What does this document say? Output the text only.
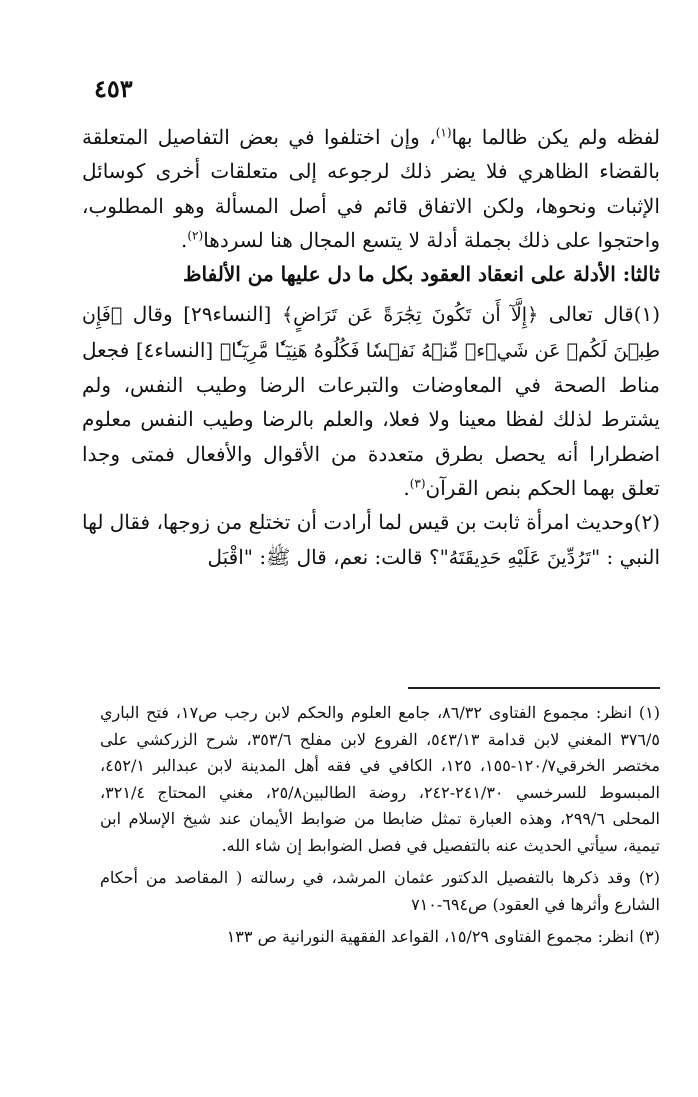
٤٥٣

لفظه ولم يكن ظالما بها$^{(١)}$، وإن اختلفوا في بعض التفاصيل المتعلقة بالقضاء الظاهري فلا يضر ذلك لرجوعه إلى متعلقات أخرى كوسائل الإثبات ونحوها، ولكن الاتفاق قائم في أصل المسألة وهو المطلوب، واحتجوا على ذلك بجملة أدلة لا يتسع المجال هنا لسردها$^{(٢)}$.

ثالثا: الأدلة على انعقاد العقود بكل ما دل عليها من الألفاظ

(١)قال تعالى ﴿إِلَّآ أَن تَكُونَ تِجَٰرَةً عَن تَرَاضٍ﴾ [النساء٢٩] وقال ﴿فَإِن طِبۡنَ لَكُمۡ عَن شَيۡءٖ مِّنۡهُ نَفۡسٗا فَكُلُوهُ هَنِيٓـٔٗا مَّرِيٓـٔٗا﴾ [النساء٤] فجعل مناط الصحة في المعاوضات والتبرعات الرضا وطيب النفس، ولم يشترط لذلك لفظا معينا ولا فعلا، والعلم بالرضا وطيب النفس معلوم اضطرارا أنه يحصل بطرق متعددة من الأقوال والأفعال فمتى وجدا تعلق بهما الحكم بنص القرآن$^{(٣)}$.

(٢)وحديث امرأة ثابت بن قيس لما أرادت أن تختلع من زوجها، فقال لها النبي : "تَرُدِّينَ عَلَيْهِ حَدِيقَتَهُ"؟ قالت: نعم، قال ﷺ: "اقْبَل

(١) انظر: مجموع الفتاوى ٨٦/٣٢، جامع العلوم والحكم لابن رجب ص١٧، فتح الباري ٣٧٦/٥ المغني لابن قدامة ٥٤٣/١٣، الفروع لابن مفلح ٣٥٣/٦، شرح الزركشي على مختصر الخرقي١٢٠/٧-١٥٥، ١٢٥، الكافي في فقه أهل المدينة لابن عبدالبر ٤٥٢/١، المبسوط للسرخسي ٢٤١/٣٠-٢٤٢، روضة الطالبين٢٥/٨، مغني المحتاج ٣٢١/٤، المحلى ٢٩٩/٦، وهذه العبارة تمثل ضابطا من ضوابط الأيمان عند شيخ الإسلام ابن تيمية، سيأتي الحديث عنه بالتفصيل في فصل الضوابط إن شاء الله.

(٢) وقد ذكرها بالتفصيل الدكتور عثمان المرشد، في رسالته ( المقاصد من أحكام الشارع وأثرها في العقود) ص٦٩٤-٧١٠

(٣) انظر: مجموع الفتاوى ١٥/٢٩، القواعد الفقهية النورانية ص ١٣٣
